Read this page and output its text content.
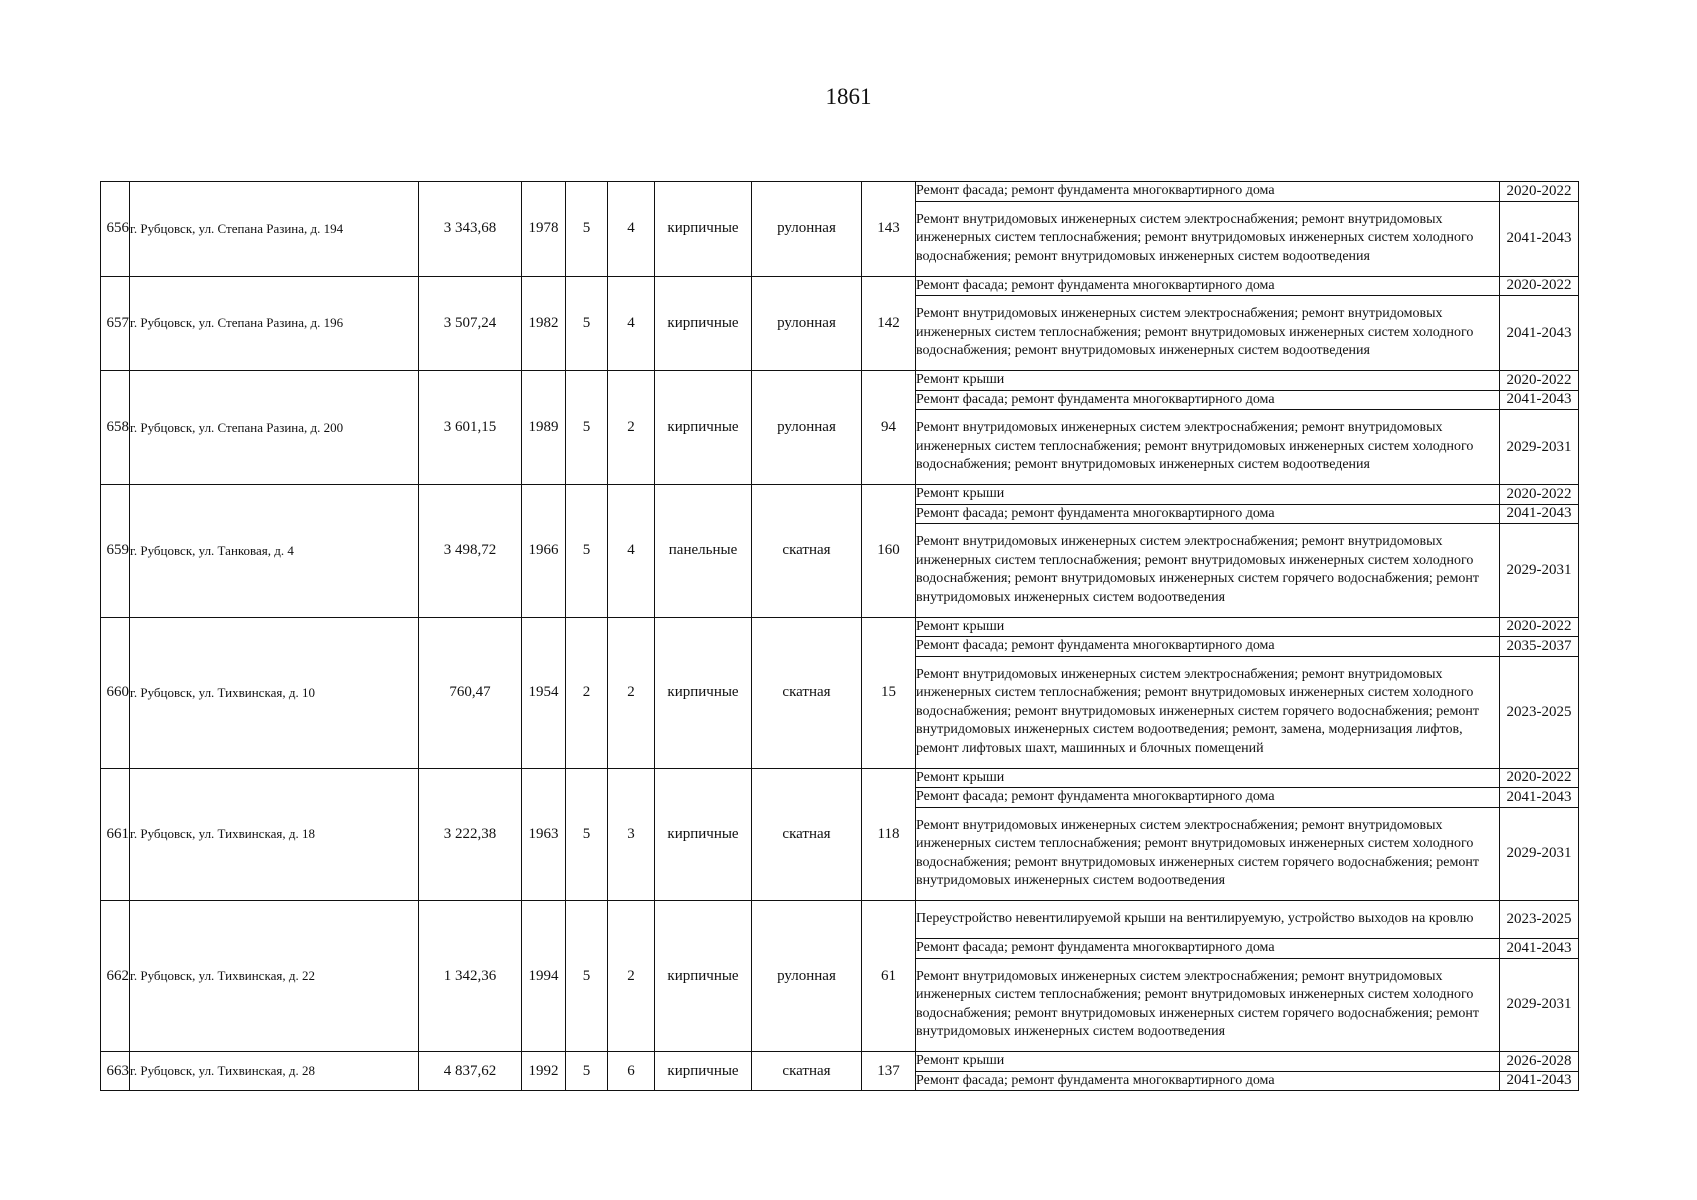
1861
656	г. Рубцовск, ул. Степана Разина, д. 194	3 343,68	1978	5	4	кирпичные	рулонная	143	Ремонт фасада; ремонт фундамента многоквартирного дома	2020-2022
									Ремонт внутридомовых инженерных систем электроснабжения; ремонт внутридомовых инженерных систем теплоснабжения; ремонт внутридомовых инженерных систем холодного водоснабжения; ремонт внутридомовых инженерных систем водоотведения	2041-2043
657	г. Рубцовск, ул. Степана Разина, д. 196	3 507,24	1982	5	4	кирпичные	рулонная	142	Ремонт фасада; ремонт фундамента многоквартирного дома	2020-2022
									Ремонт внутридомовых инженерных систем электроснабжения; ремонт внутридомовых инженерных систем теплоснабжения; ремонт внутридомовых инженерных систем холодного водоснабжения; ремонт внутридомовых инженерных систем водоотведения	2041-2043
658	г. Рубцовск, ул. Степана Разина, д. 200	3 601,15	1989	5	2	кирпичные	рулонная	94	Ремонт крыши	2020-2022
									Ремонт фасада; ремонт фундамента многоквартирного дома	2041-2043
									Ремонт внутридомовых инженерных систем электроснабжения; ремонт внутридомовых инженерных систем теплоснабжения; ремонт внутридомовых инженерных систем холодного водоснабжения; ремонт внутридомовых инженерных систем водоотведения	2029-2031
659	г. Рубцовск, ул. Танковая, д. 4	3 498,72	1966	5	4	панельные	скатная	160	Ремонт крыши	2020-2022
									Ремонт фасада; ремонт фундамента многоквартирного дома	2041-2043
									Ремонт внутридомовых инженерных систем электроснабжения; ремонт внутридомовых инженерных систем теплоснабжения; ремонт внутридомовых инженерных систем холодного водоснабжения; ремонт внутридомовых инженерных систем горячего водоснабжения; ремонт внутридомовых инженерных систем водоотведения	2029-2031
660	г. Рубцовск, ул. Тихвинская, д. 10	760,47	1954	2	2	кирпичные	скатная	15	Ремонт крыши	2020-2022
									Ремонт фасада; ремонт фундамента многоквартирного дома	2035-2037
									Ремонт внутридомовых инженерных систем электроснабжения; ремонт внутридомовых инженерных систем теплоснабжения; ремонт внутридомовых инженерных систем холодного водоснабжения; ремонт внутридомовых инженерных систем горячего водоснабжения; ремонт внутридомовых инженерных систем водоотведения; ремонт, замена, модернизация лифтов, ремонт лифтовых шахт, машинных и блочных помещений	2023-2025
661	г. Рубцовск, ул. Тихвинская, д. 18	3 222,38	1963	5	3	кирпичные	скатная	118	Ремонт крыши	2020-2022
									Ремонт фасада; ремонт фундамента многоквартирного дома	2041-2043
									Ремонт внутридомовых инженерных систем электроснабжения; ремонт внутридомовых инженерных систем теплоснабжения; ремонт внутридомовых инженерных систем холодного водоснабжения; ремонт внутридомовых инженерных систем горячего водоснабжения; ремонт внутридомовых инженерных систем водоотведения	2029-2031
662	г. Рубцовск, ул. Тихвинская, д. 22	1 342,36	1994	5	2	кирпичные	рулонная	61	Переустройство невентилируемой крыши на вентилируемую, устройство выходов на кровлю	2023-2025
									Ремонт фасада; ремонт фундамента многоквартирного дома	2041-2043
									Ремонт внутридомовых инженерных систем электроснабжения; ремонт внутридомовых инженерных систем теплоснабжения; ремонт внутридомовых инженерных систем холодного водоснабжения; ремонт внутридомовых инженерных систем горячего водоснабжения; ремонт внутридомовых инженерных систем водоотведения	2029-2031
663	г. Рубцовск, ул. Тихвинская, д. 28	4 837,62	1992	5	6	кирпичные	скатная	137	Ремонт крыши	2026-2028
									Ремонт фасада; ремонт фундамента многоквартирного дома	2041-2043
